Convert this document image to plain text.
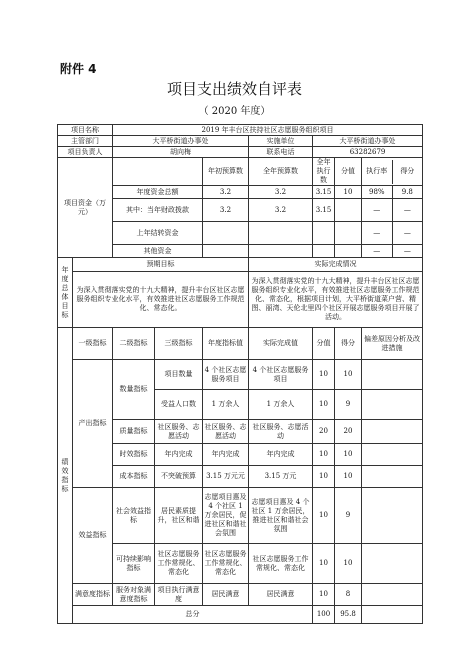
附件 4
项目支出绩效自评表
（ 2020 年度）
项目名称		2019 年丰台区扶持社区志愿服务组织项目						
主管部门		大平桥街道办事处			实施单位	大平桥街道办事处		
项目负责人		胡向梅			联系电话	63282679		
项目资金（万元）				年初预算数	全年预算数	全年执行数	分值	执行率 得分

		年度资金总额		3.2	3.2	3.15	10	98% 9.8

		其中：当年财政拨款		3.2	3.2	3.15		— —

		上年结转资金						— —

		其他资金						— —

年度总体目标	预期目标				实际完成情况			
	为深入贯彻落实党的十九大精神，提升丰台区社区志愿服务组织专业化水平，有效推进社区志愿服务工作规范化、常态化。				为深入贯彻落实党的十九大精神，提升丰台区社区志愿服务组织专业化水平，有效推进社区志愿服务工作规范化、常态化，根据项目计划，大平桥街道菜户营、精图、丽湾、天伦北里四个社区开展志愿服务项目开展了活动。			
绩效指标	一级指标	二级指标	三级指标	年度指标值	实际完成值	分值	得分	偏差原因分析及改进措施
	产出指标	数量指标	项目数量	4 个社区志愿服务项目	4 个社区志愿服务项目	10	10	
			受益人口数	1 万余人	1 万余人	10	9	
		质量指标	社区服务、志愿活动	社区服务、志愿活动	社区服务、志愿活动	20	20	
		时效指标	年内完成	年内完成	年内完成	10	10	
		成本指标	不突破预算	3.15 万元元	3.15 万元	10	10	
	效益指标	社会效益指标	居民素质提升，社区和谐	志愿项目惠及 4 个社区 1 万余居民，促进社区和谐社会氛围	志愿项目惠及 4 个社区 1 万余居民，推进社区和谐社会氛围	10	9	
		可持续影响指标	社区志愿服务工作常规化、常态化	社区志愿服务工作常规化、常态化	社区志愿服务工作常规化、常态化	10	10	
	满意度指标	服务对象满意度指标	项目执行满意度	居民满意	居民满意	10	8	
	总分					100	95.8	
